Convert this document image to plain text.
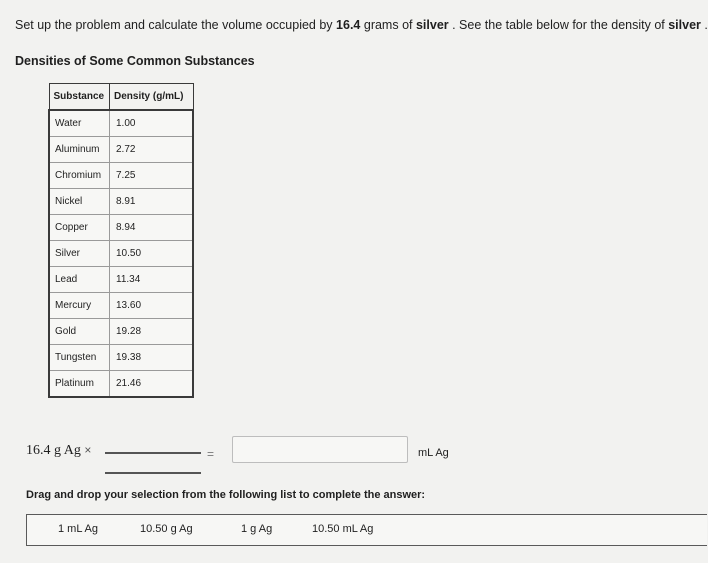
Set up the problem and calculate the volume occupied by 16.4 grams of silver . See the table below for the density of silver .
Densities of Some Common Substances
Substance	Density (g/mL)
Water	1.00
Aluminum	2.72
Chromium	7.25
Nickel	8.91
Copper	8.94
Silver	10.50
Lead	11.34
Mercury	13.60
Gold	19.28
Tungsten	19.38
Platinum	21.46
16.4 g Ag ×	=	mL Ag
Drag and drop your selection from the following list to complete the answer:
1 mL Ag	10.50 g Ag	1 g Ag	10.50 mL Ag
